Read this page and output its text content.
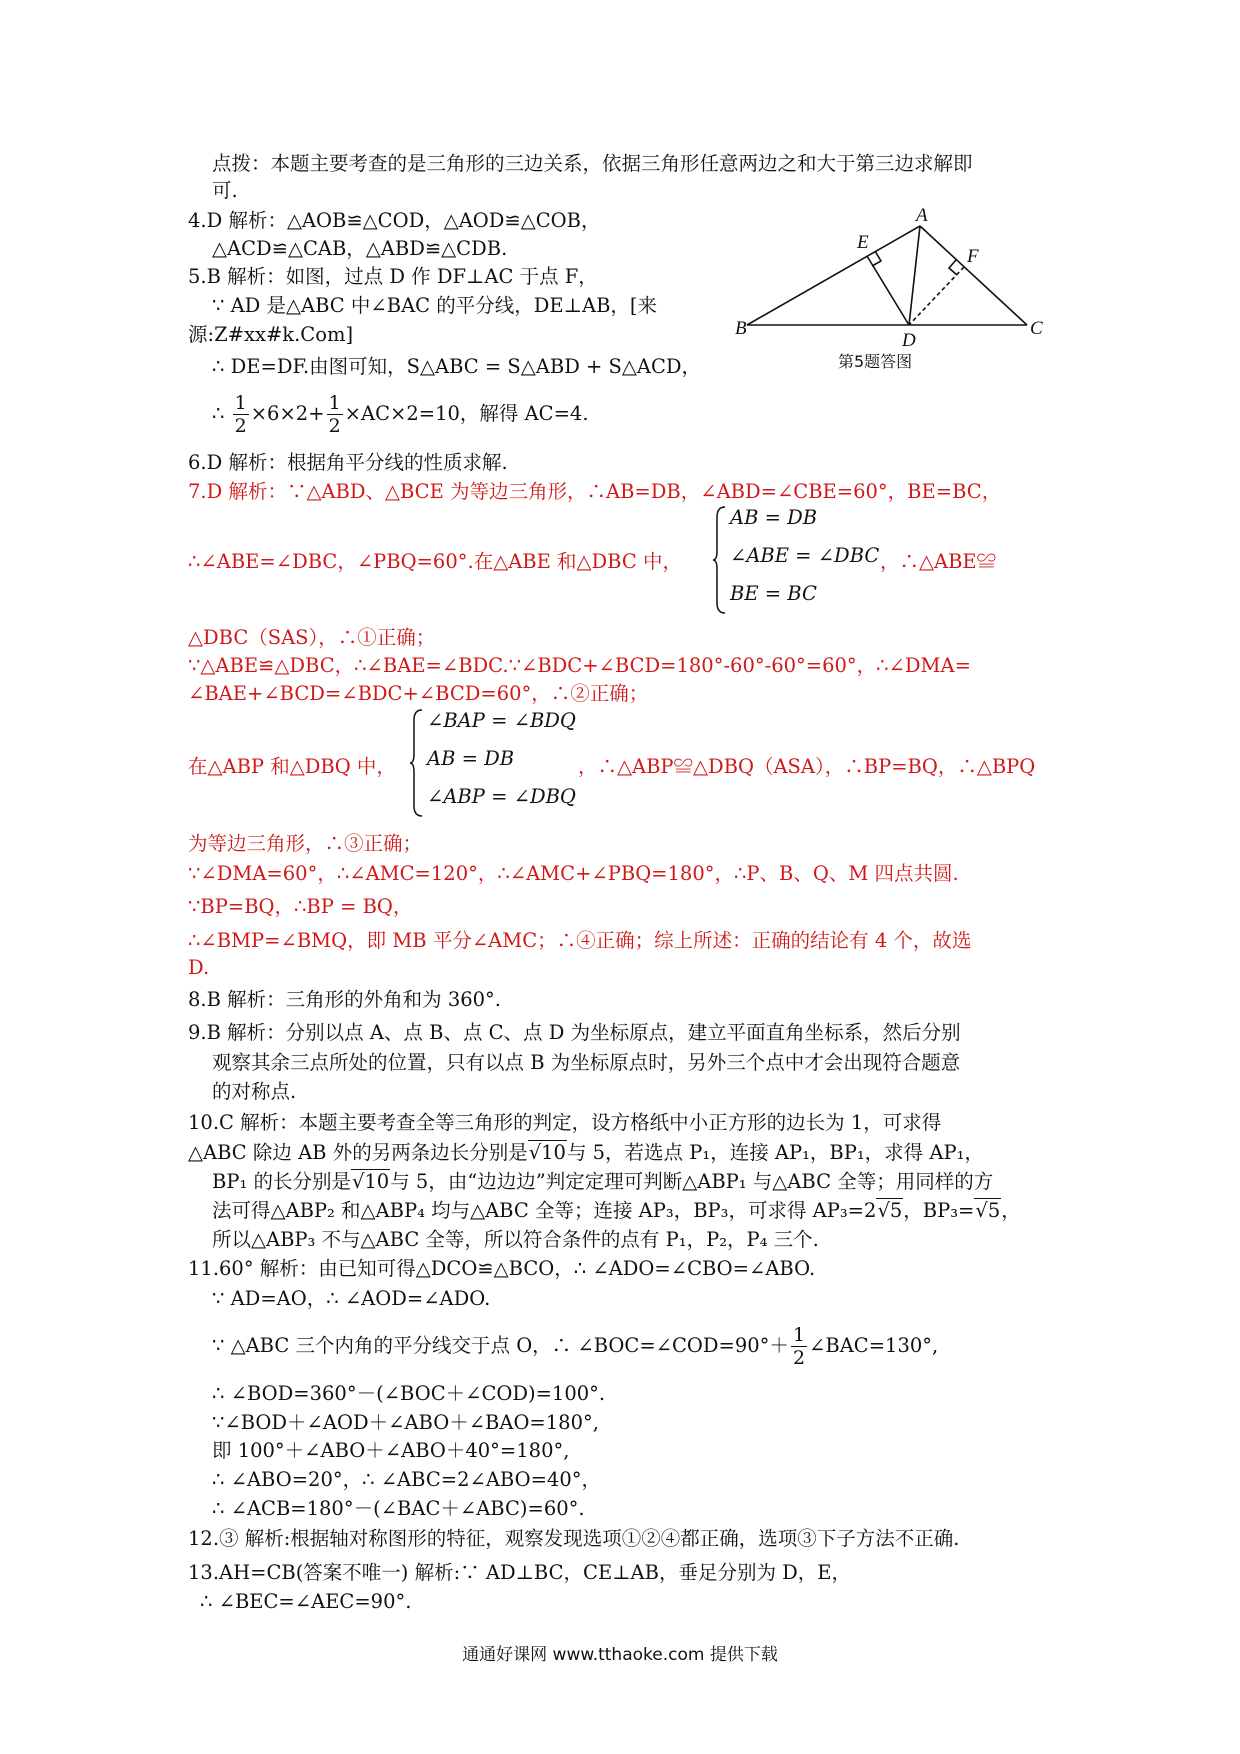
点拨：本题主要考查的是三角形的三边关系，依据三角形任意两边之和大于第三边求解即
可.
4.D 解析：△AOB≌△COD，△AOD≌△COB，
△ACD≌△CAB，△ABD≌△CDB.
5.B 解析：如图，过点 D 作 DF⊥AC 于点 F，
∵ AD 是△ABC 中∠BAC 的平分线，DE⊥AB，[来
源:Z#xx#k.Com]
∴ DE=DF.由图可知，S△ABC = S△ABD + S△ACD，
∴ $\frac{1}{2} \times 6\times 2+ \frac{1}{2} \times AC\times 2=10$，解得 AC=4.
A
B	C
D
E
F
第5题答图
6.D 解析：根据角平分线的性质求解.
7.D 解析：∵△ABD、△BCE 为等边三角形，∴AB=DB，∠ABD=∠CBE=60°，BE=BC，
∴∠ABE=∠DBC，∠PBQ=60°.在△ABE 和△DBC 中，
AB = DB
∠ABE = ∠DBC
BE = BC
，∴△ABE≌
△DBC（SAS），∴①正确；
∵△ABE≌△DBC，∴∠BAE=∠BDC.∵∠BDC+∠BCD=180°-60°-60°=60°，∴∠DMA=
∠BAE+∠BCD=∠BDC+∠BCD=60°，∴②正确；
在△ABP 和△DBQ 中，
∠BAP = ∠BDQ
AB = DB
∠ABP = ∠DBQ
，∴△ABP≌△DBQ（ASA），∴BP=BQ，∴△BPQ
为等边三角形，∴③正确；
∵∠DMA=60°，∴∠AMC=120°，∴∠AMC+∠PBQ=180°，∴P、B、Q、M 四点共圆.
∵BP=BQ，∴BP = BQ，
∴∠BMP=∠BMQ，即 MB 平分∠AMC；∴④正确；综上所述：正确的结论有 4 个，故选
D.
8.B 解析：三角形的外角和为 360°.
9.B 解析：分别以点 A、点 B、点 C、点 D 为坐标原点，建立平面直角坐标系，然后分别
观察其余三点所处的位置，只有以点 B 为坐标原点时，另外三个点中才会出现符合题意
的对称点.
10.C 解析：本题主要考查全等三角形的判定，设方格纸中小正方形的边长为 1，可求得
△ABC 除边 AB 外的另两条边长分别是√10与 5，若选点 P₁，连接 AP₁，BP₁，求得 AP₁，
BP₁ 的长分别是√10与 5，由“边边边”判定定理可判断△ABP₁ 与△ABC 全等；用同样的方
法可得△ABP₂ 和△ABP₄ 均与△ABC 全等；连接 AP₃，BP₃，可求得 AP₃=2√5，BP₃=√5，
所以△ABP₃ 不与△ABC 全等，所以符合条件的点有 P₁，P₂，P₄ 三个.
11.60° 解析：由已知可得△DCO≌△BCO，∴ ∠ADO=∠CBO=∠ABO.
∵ AD=AO，∴ ∠AOD=∠ADO.
∵ △ABC 三个内角的平分线交于点 O，∴ ∠BOC=∠COD=90°＋ $\frac{1}{2}$ ∠BAC=130°,
∴ ∠BOD=360°－(∠BOC＋∠COD)=100°.
∵∠BOD＋∠AOD＋∠ABO＋∠BAO=180°,
即 100°＋∠ABO＋∠ABO＋40°=180°,
∴ ∠ABO=20°，∴ ∠ABC=2∠ABO=40°，
∴ ∠ACB=180°－(∠BAC＋∠ABC)=60°.
12.③ 解析:根据轴对称图形的特征，观察发现选项①②④都正确，选项③下子方法不正确.
13.AH=CB(答案不唯一) 解析:∵ AD⊥BC，CE⊥AB，垂足分别为 D，E，
∴ ∠BEC=∠AEC=90°.
通通好课网 www.tthaoke.com 提供下载
